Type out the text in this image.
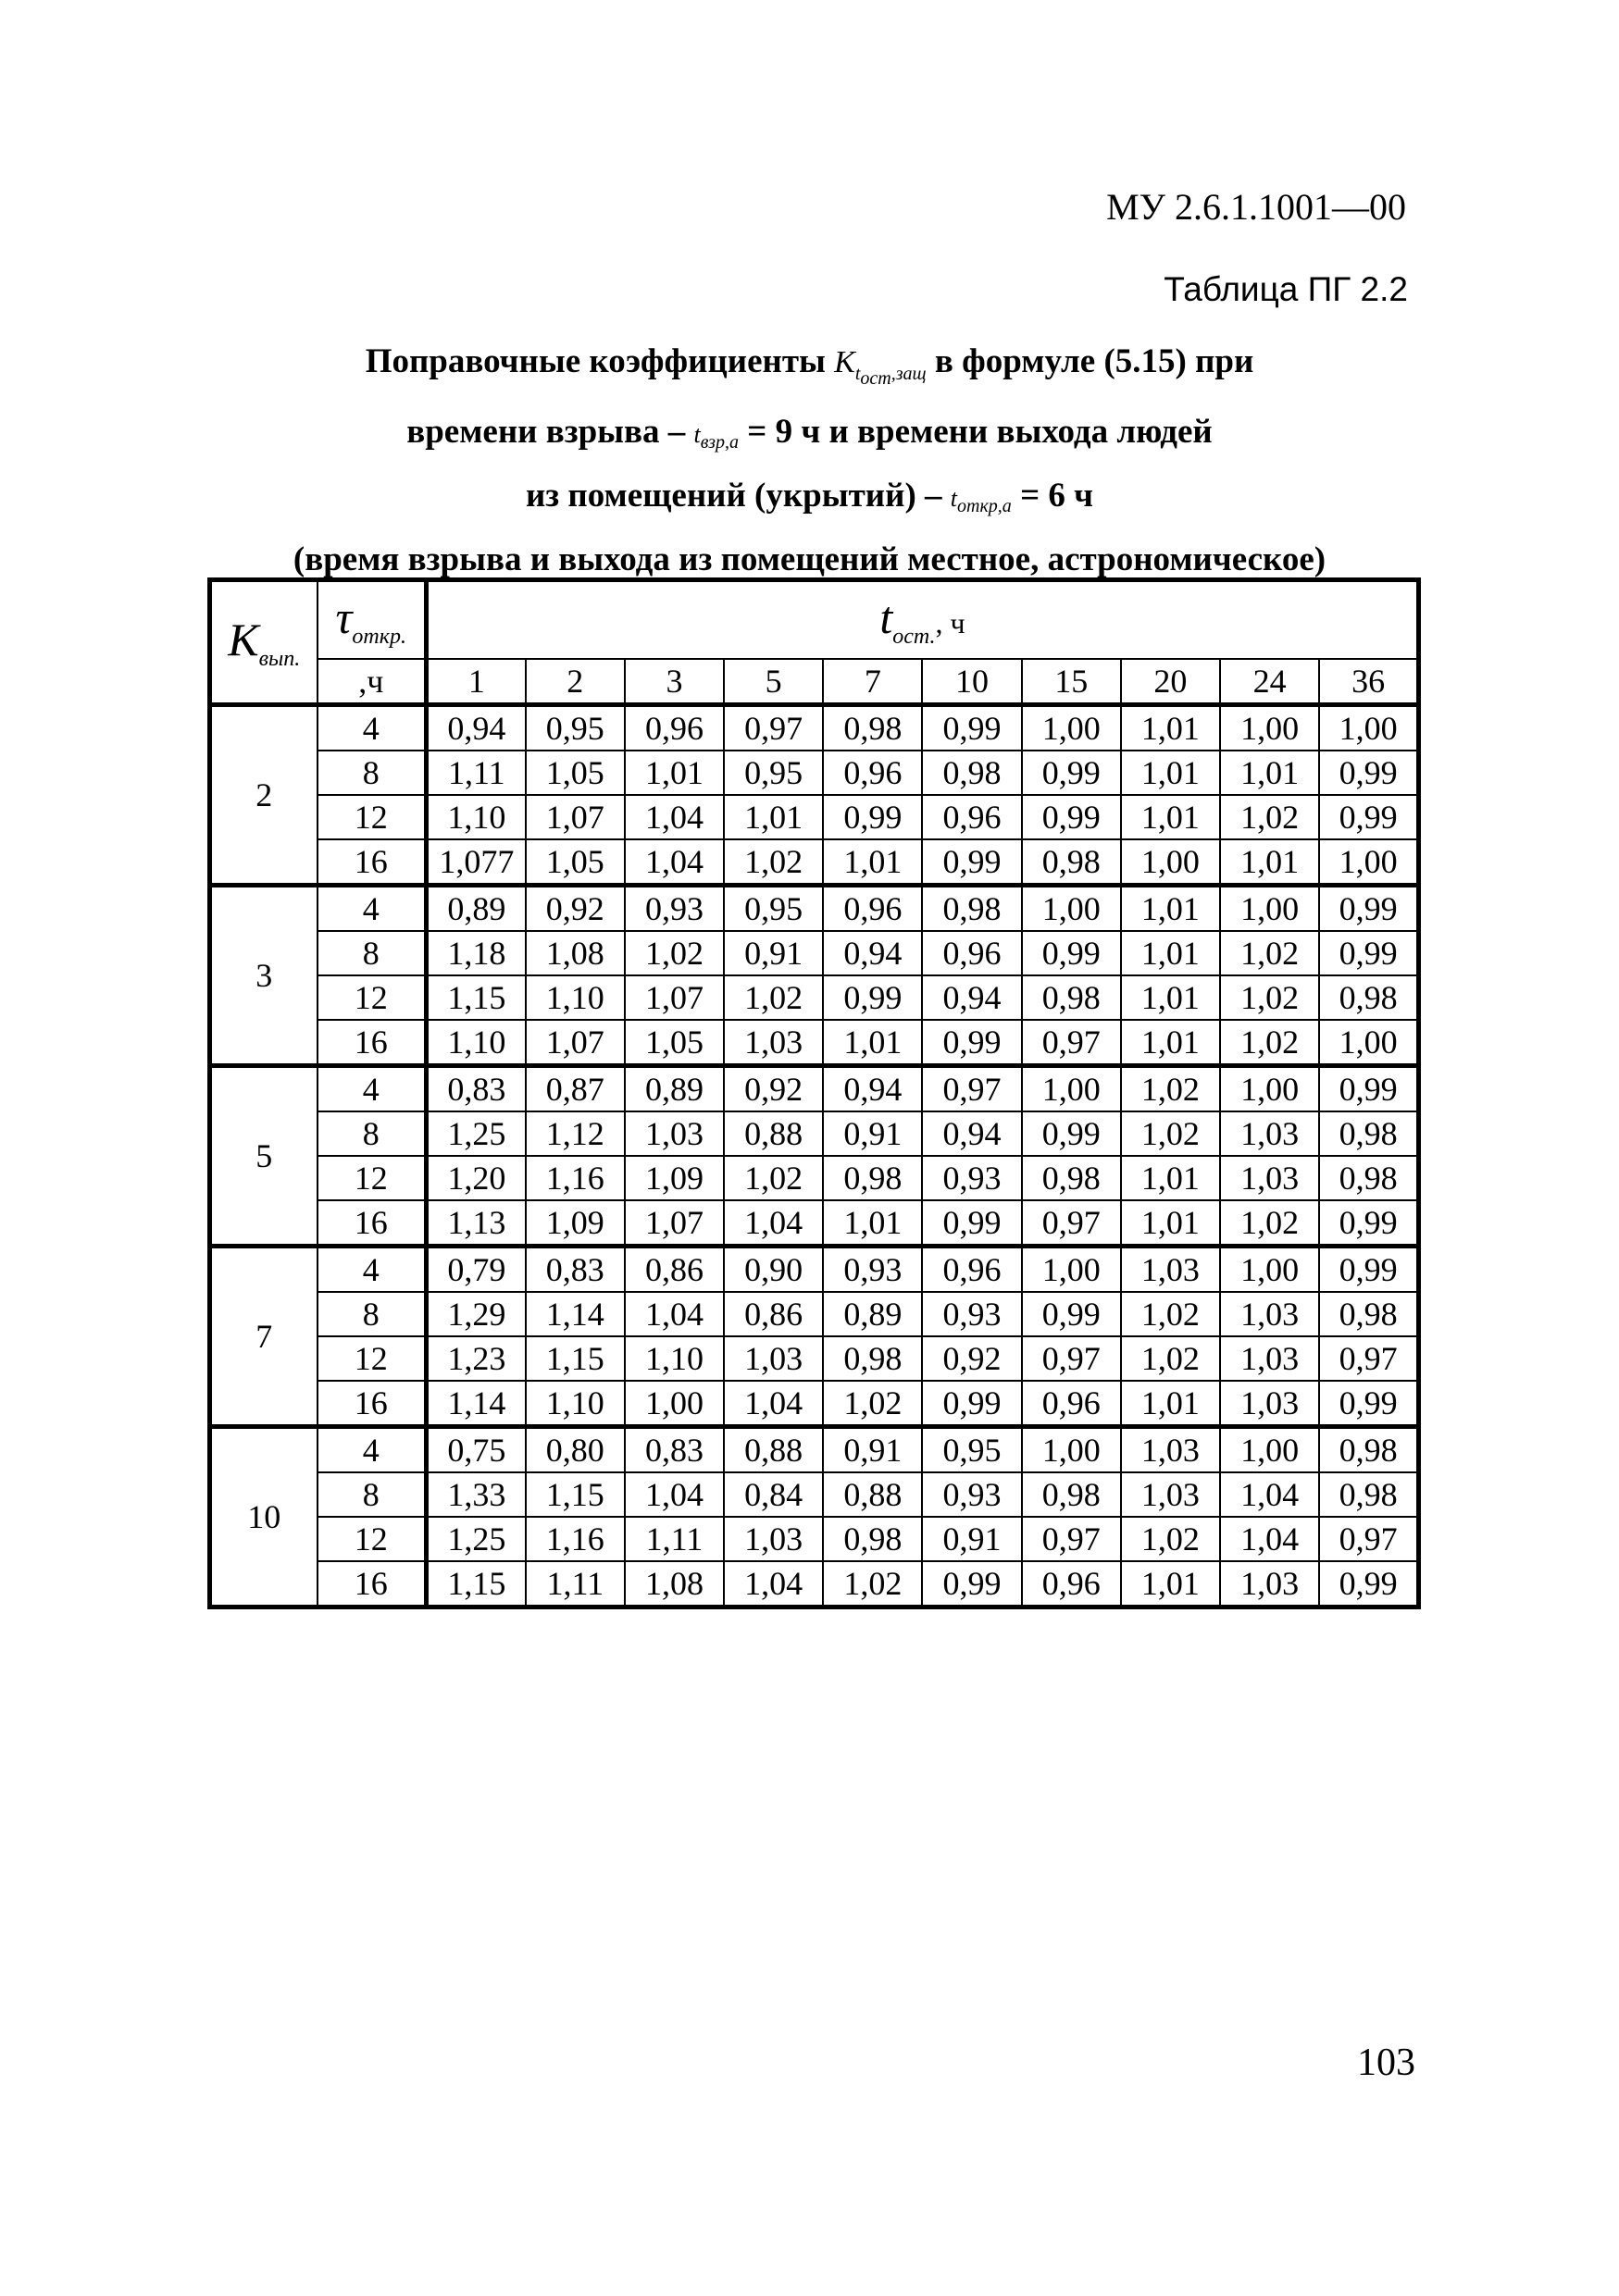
МУ 2.6.1.1001—00
Таблица ПГ 2.2
Поправочные коэффициенты $K_{t_{ост},защ}$ в формуле (5.15) при
времени взрыва – $t_{взр,а} = 9$ ч и времени выхода людей
из помещений (укрытий) – $t_{откр,а} = 6$ ч
(время взрыва и выхода из помещений местное, астрономическое)
$K_{вып.}$	$\tau_{откр.}$	$t_{ост.}$, ч									
	,ч	1	2	3	5	7	10	15	20	24	36
2	4	0,94	0,95	0,96	0,97	0,98	0,99	1,00	1,01	1,00	1,00
	8	1,11	1,05	1,01	0,95	0,96	0,98	0,99	1,01	1,01	0,99
	12	1,10	1,07	1,04	1,01	0,99	0,96	0,99	1,01	1,02	0,99
	16	1,077	1,05	1,04	1,02	1,01	0,99	0,98	1,00	1,01	1,00
3	4	0,89	0,92	0,93	0,95	0,96	0,98	1,00	1,01	1,00	0,99
	8	1,18	1,08	1,02	0,91	0,94	0,96	0,99	1,01	1,02	0,99
	12	1,15	1,10	1,07	1,02	0,99	0,94	0,98	1,01	1,02	0,98
	16	1,10	1,07	1,05	1,03	1,01	0,99	0,97	1,01	1,02	1,00
5	4	0,83	0,87	0,89	0,92	0,94	0,97	1,00	1,02	1,00	0,99
	8	1,25	1,12	1,03	0,88	0,91	0,94	0,99	1,02	1,03	0,98
	12	1,20	1,16	1,09	1,02	0,98	0,93	0,98	1,01	1,03	0,98
	16	1,13	1,09	1,07	1,04	1,01	0,99	0,97	1,01	1,02	0,99
7	4	0,79	0,83	0,86	0,90	0,93	0,96	1,00	1,03	1,00	0,99
	8	1,29	1,14	1,04	0,86	0,89	0,93	0,99	1,02	1,03	0,98
	12	1,23	1,15	1,10	1,03	0,98	0,92	0,97	1,02	1,03	0,97
	16	1,14	1,10	1,00	1,04	1,02	0,99	0,96	1,01	1,03	0,99
10	4	0,75	0,80	0,83	0,88	0,91	0,95	1,00	1,03	1,00	0,98
	8	1,33	1,15	1,04	0,84	0,88	0,93	0,98	1,03	1,04	0,98
	12	1,25	1,16	1,11	1,03	0,98	0,91	0,97	1,02	1,04	0,97
	16	1,15	1,11	1,08	1,04	1,02	0,99	0,96	1,01	1,03	0,99
103
